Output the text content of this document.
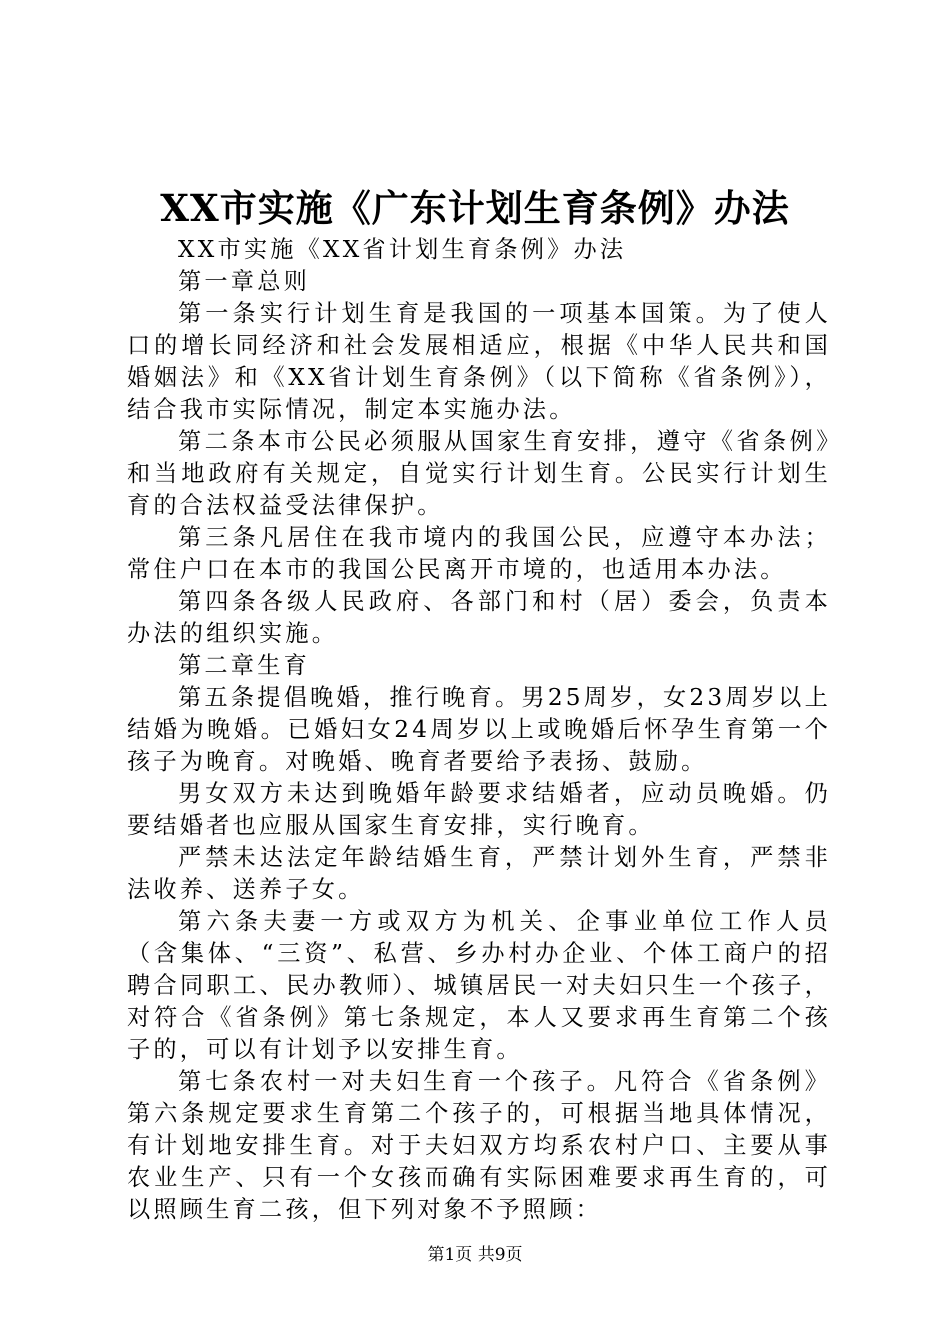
XX市实施《广东计划生育条例》办法

XX市实施《XX省计划生育条例》办法

第一章总则

第一条实行计划生育是我国的一项基本国策。为了使人口的增长同经济和社会发展相适应，根据《中华人民共和国婚姻法》和《XX省计划生育条例》（以下简称《省条例》），结合我市实际情况，制定本实施办法。

第二条本市公民必须服从国家生育安排，遵守《省条例》和当地政府有关规定，自觉实行计划生育。公民实行计划生育的合法权益受法律保护。

第三条凡居住在我市境内的我国公民，应遵守本办法；常住户口在本市的我国公民离开市境的，也适用本办法。

第四条各级人民政府、各部门和村（居）委会，负责本办法的组织实施。

第二章生育

第五条提倡晚婚，推行晚育。男25周岁，女23周岁以上结婚为晚婚。已婚妇女24周岁以上或晚婚后怀孕生育第一个孩子为晚育。对晚婚、晚育者要给予表扬、鼓励。

男女双方未达到晚婚年龄要求结婚者，应动员晚婚。仍要结婚者也应服从国家生育安排，实行晚育。

严禁未达法定年龄结婚生育，严禁计划外生育，严禁非法收养、送养子女。

第六条夫妻一方或双方为机关、企事业单位工作人员（含集体、“三资”、私营、乡办村办企业、个体工商户的招聘合同职工、民办教师）、城镇居民一对夫妇只生一个孩子，对符合《省条例》第七条规定，本人又要求再生育第二个孩子的，可以有计划予以安排生育。

第七条农村一对夫妇生育一个孩子。凡符合《省条例》第六条规定要求生育第二个孩子的，可根据当地具体情况，有计划地安排生育。对于夫妇双方均系农村户口、主要从事农业生产、只有一个女孩而确有实际困难要求再生育的，可以照顾生育二孩，但下列对象不予照顾：

第1页 共9页
